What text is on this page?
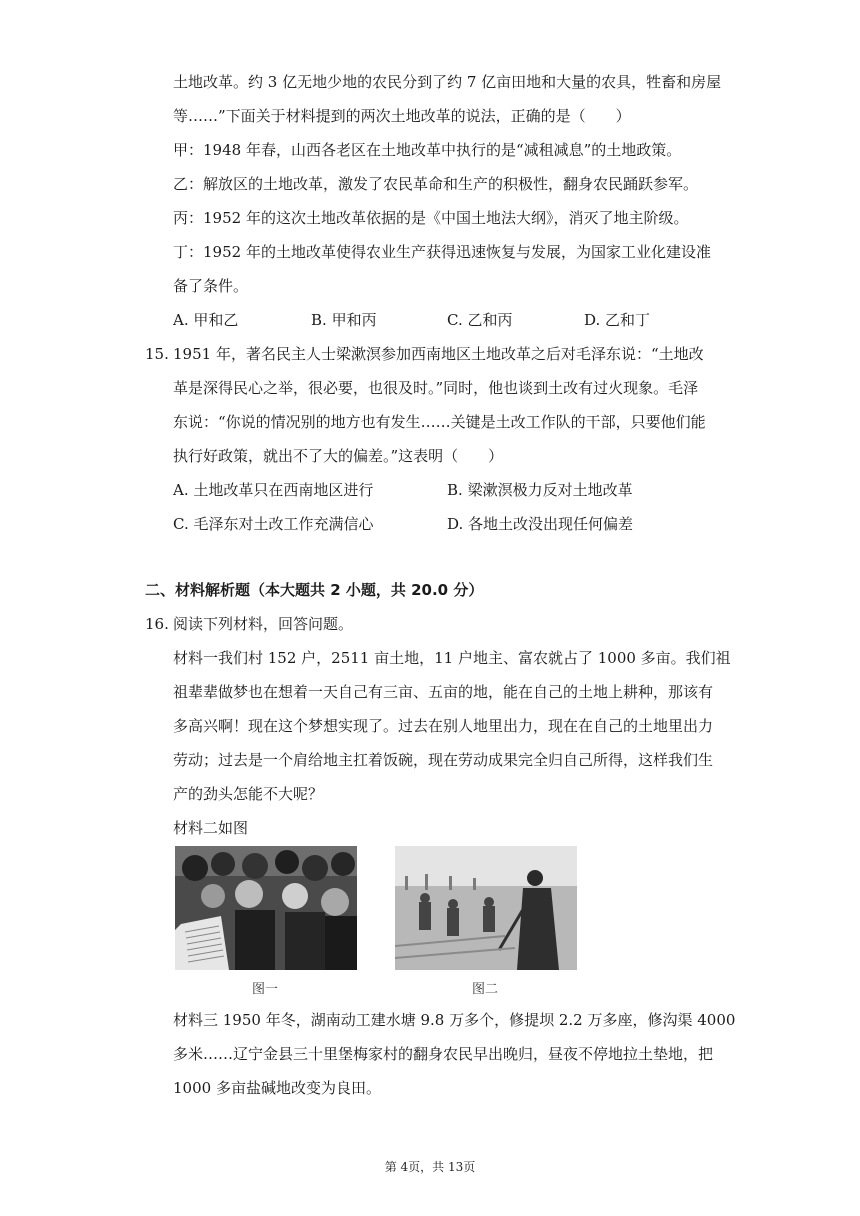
土地改革。约 3 亿无地少地的农民分到了约 7 亿亩田地和大量的农具，牲畜和房屋
等……”下面关于材料提到的两次土地改革的说法，正确的是（　　）
甲：1948 年春，山西各老区在土地改革中执行的是“减租减息”的土地政策。
乙：解放区的土地改革，激发了农民革命和生产的积极性，翻身农民踊跃参军。
丙：1952 年的这次土地改革依据的是《中国土地法大纲》，消灭了地主阶级。
丁：1952 年的土地改革使得农业生产获得迅速恢复与发展，为国家工业化建设准
备了条件。
A. 甲和乙	B. 甲和丙	C. 乙和丙	D. 乙和丁
15. 1951 年，著名民主人士梁漱溟参加西南地区土地改革之后对毛泽东说：“土地改
革是深得民心之举，很必要，也很及时。”同时，他也谈到土改有过火现象。毛泽
东说：“你说的情况别的地方也有发生……关键是土改工作队的干部，只要他们能
执行好政策，就出不了大的偏差。”这表明（　　）
A. 土地改革只在西南地区进行	B. 梁漱溟极力反对土地改革
C. 毛泽东对土改工作充满信心	D. 各地土改没出现任何偏差
二、材料解析题（本大题共 2 小题，共 20.0 分）
16. 阅读下列材料，回答问题。
材料一我们村 152 户，2511 亩土地，11 户地主、富农就占了 1000 多亩。我们祖
祖辈辈做梦也在想着一天自己有三亩、五亩的地，能在自己的土地上耕种，那该有
多高兴啊！现在这个梦想实现了。过去在别人地里出力，现在在自己的土地里出力
劳动；过去是一个肩给地主扛着饭碗，现在劳动成果完全归自己所得，这样我们生
产的劲头怎能不大呢？
材料二如图
图一	图二
材料三 1950 年冬，湖南动工建水塘 9.8 万多个，修提坝 2.2 万多座，修沟渠 4000
多米……辽宁金县三十里堡梅家村的翻身农民早出晚归，昼夜不停地拉土垫地，把
1000 多亩盐碱地改变为良田。
第 4页，共 13页
